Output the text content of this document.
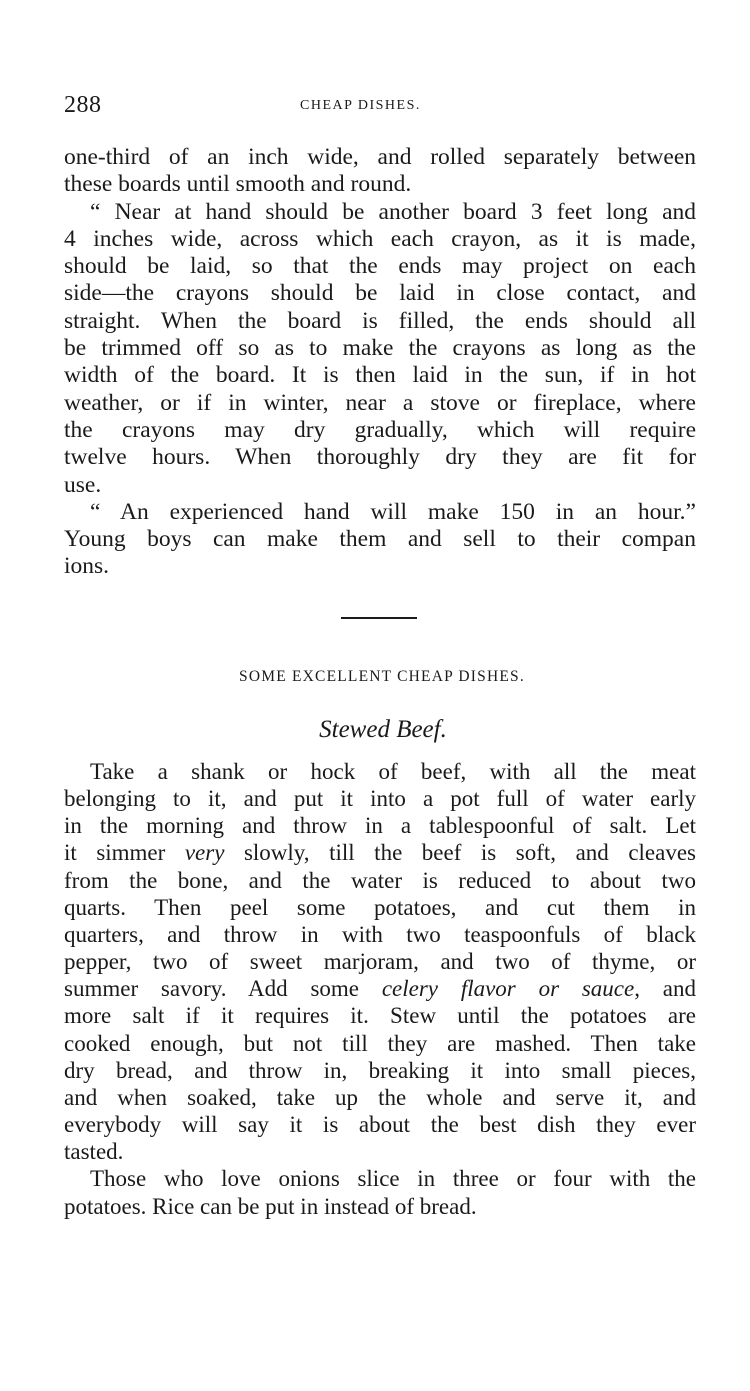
288	CHEAP DISHES.
one-third of an inch wide, and rolled separately between
these boards until smooth and round.
“ Near at hand should be another board 3 feet long and
4 inches wide, across which each crayon, as it is made,
should be laid, so that the ends may project on each
side—the crayons should be laid in close contact, and
straight. When the board is filled, the ends should all
be trimmed off so as to make the crayons as long as the
width of the board. It is then laid in the sun, if in hot
weather, or if in winter, near a stove or fireplace, where
the crayons may dry gradually, which will require
twelve hours. When thoroughly dry they are fit for
use.
“ An experienced hand will make 150 in an hour.”
Young boys can make them and sell to their compan
ions.
SOME EXCELLENT CHEAP DISHES.
Stewed Beef.
Take a shank or hock of beef, with all the meat
belonging to it, and put it into a pot full of water early
in the morning and throw in a tablespoonful of salt. Let
it simmer very slowly, till the beef is soft, and cleaves
from the bone, and the water is reduced to about two
quarts. Then peel some potatoes, and cut them in
quarters, and throw in with two teaspoonfuls of black
pepper, two of sweet marjoram, and two of thyme, or
summer savory. Add some celery flavor or sauce, and
more salt if it requires it. Stew until the potatoes are
cooked enough, but not till they are mashed. Then take
dry bread, and throw in, breaking it into small pieces,
and when soaked, take up the whole and serve it, and
everybody will say it is about the best dish they ever
tasted.
Those who love onions slice in three or four with the
potatoes. Rice can be put in instead of bread.
